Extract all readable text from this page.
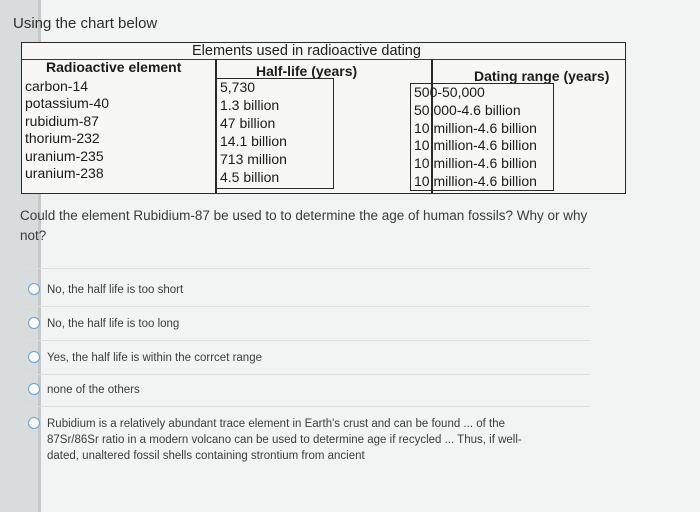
Using the chart below
Elements used in radioactive dating
Radioactive element	Half-life (years)	Dating range (years)
carbon-14
potassium-40
rubidium-87
thorium-232
uranium-235
uranium-238
5,730
1.3 billion
47 billion
14.1 billion
713 million
4.5 billion
500-50,000
50,000-4.6 billion
10 million-4.6 billion
10 million-4.6 billion
10 million-4.6 billion
10 million-4.6 billion
Could the element Rubidium-87 be used to to determine the age of human fossils? Why or why not?
No, the half life is too short
No, the half life is too long
Yes, the half life is within the corrcet range
none of the others
Rubidium is a relatively abundant trace element in Earth's crust and can be found ... of the 87Sr/86Sr ratio in a modern volcano can be used to determine age if recycled ... Thus, if well-dated, unaltered fossil shells containing strontium from ancient
